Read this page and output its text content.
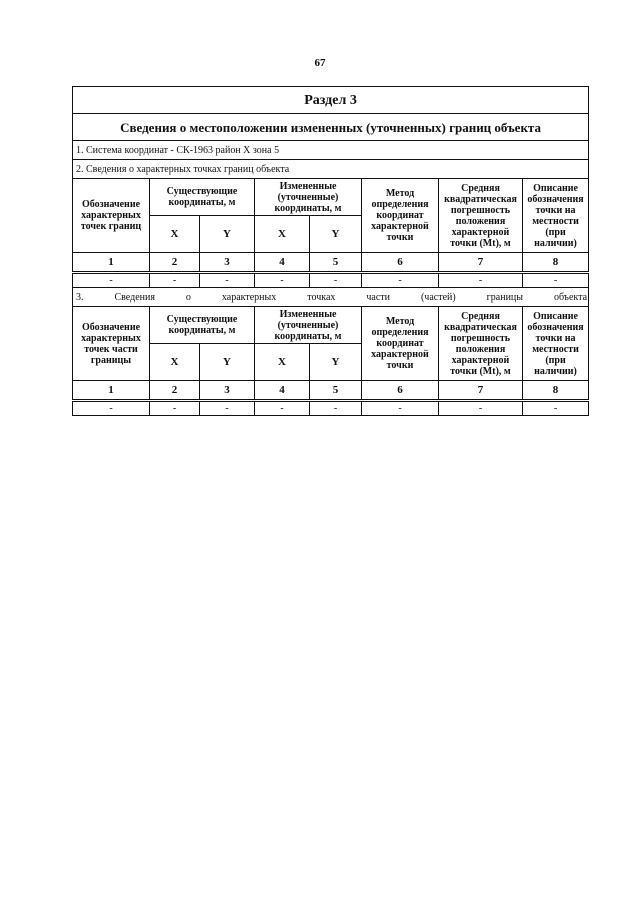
67
Раздел 3							
Сведения о местоположении измененных (уточненных) границ объекта							
1. Система координат - СК-1963 район X зона 5							
2. Сведения о характерных точках границ объекта							
Обозначение характерных точек границ	Существующие координаты, м		Измененные (уточненные) координаты, м		Метод определения координат характерной точки	Средняя квадратическая погрешность положения характерной точки (Mt), м	Описание обозначения точки на местности (при наличии)
	X	Y	X	Y			
1	2	3	4	5	6	7	8
-	-	-	-	-	-	-	-
3. Сведения о характерных точках части (частей) границы объекта							
Обозначение характерных точек части границы	Существующие координаты, м		Измененные (уточненные) координаты, м		Метод определения координат характерной точки	Средняя квадратическая погрешность положения характерной точки (Mt), м	Описание обозначения точки на местности (при наличии)
	X	Y	X	Y			
1	2	3	4	5	6	7	8
-	-	-	-	-	-	-	-
